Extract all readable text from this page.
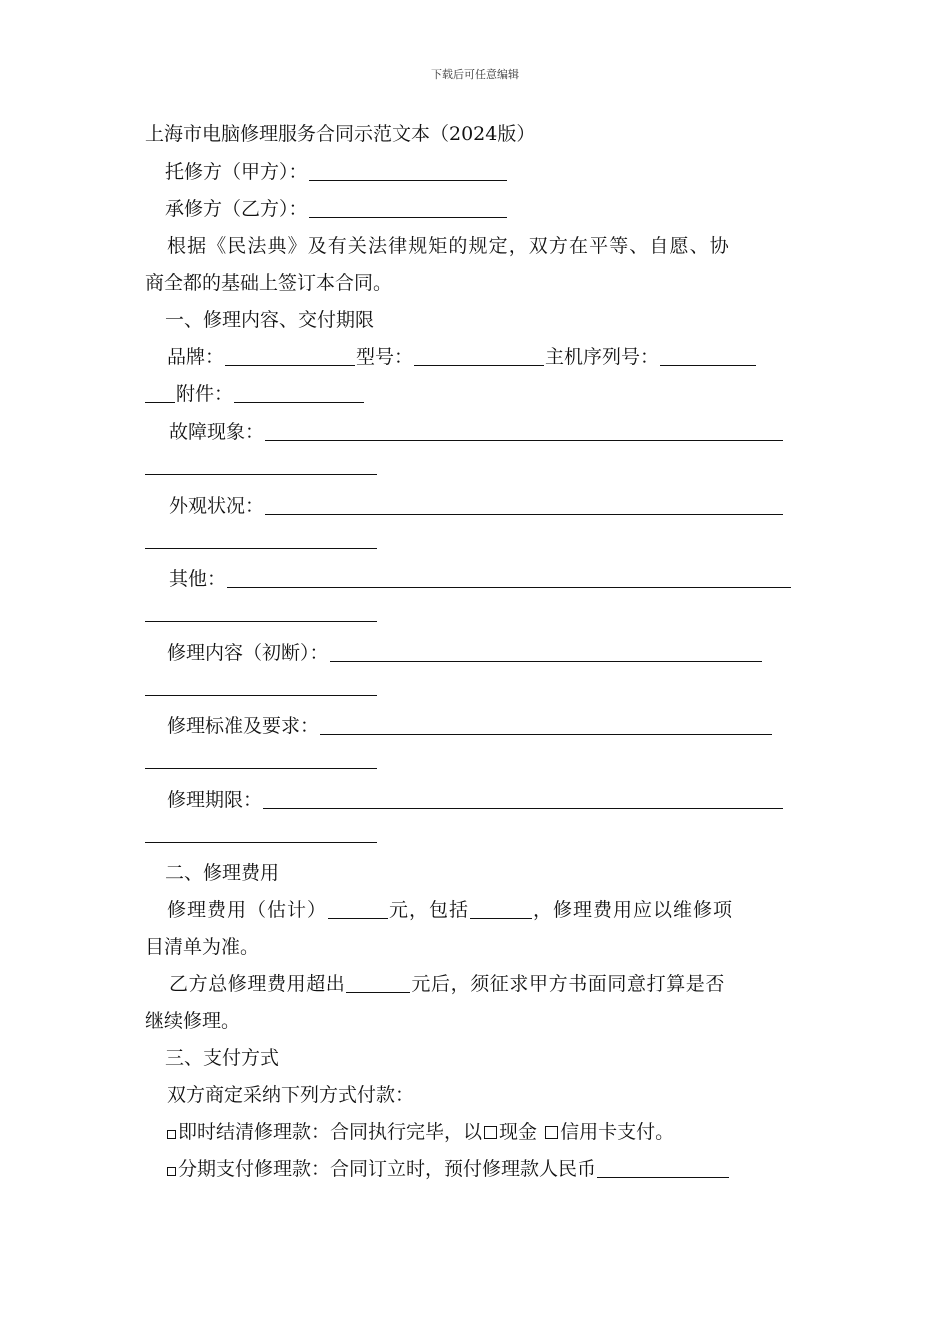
下载后可任意编辑
上海市电脑修理服务合同示范文本（2024版）
托修方（甲方）：
承修方（乙方）：
根据《民法典》及有关法律规矩的规定，双方在平等、自愿、协
商全都的基础上签订本合同。
一、修理内容、交付期限
品牌：	型号：	主机序列号：
附件：
故障现象：
外观状况：
其他：
修理内容（初断）：
修理标准及要求：
修理期限：
二、修理费用
修理费用（估计）	元，包括	，修理费用应以维修项
目清单为准。
乙方总修理费用超出	元后，须征求甲方书面同意打算是否
继续修理。
三、支付方式
双方商定采纳下列方式付款：
即时结清修理款：合同执行完毕，以 现金 信用卡支付。
分期支付修理款：合同订立时，预付修理款人民币
